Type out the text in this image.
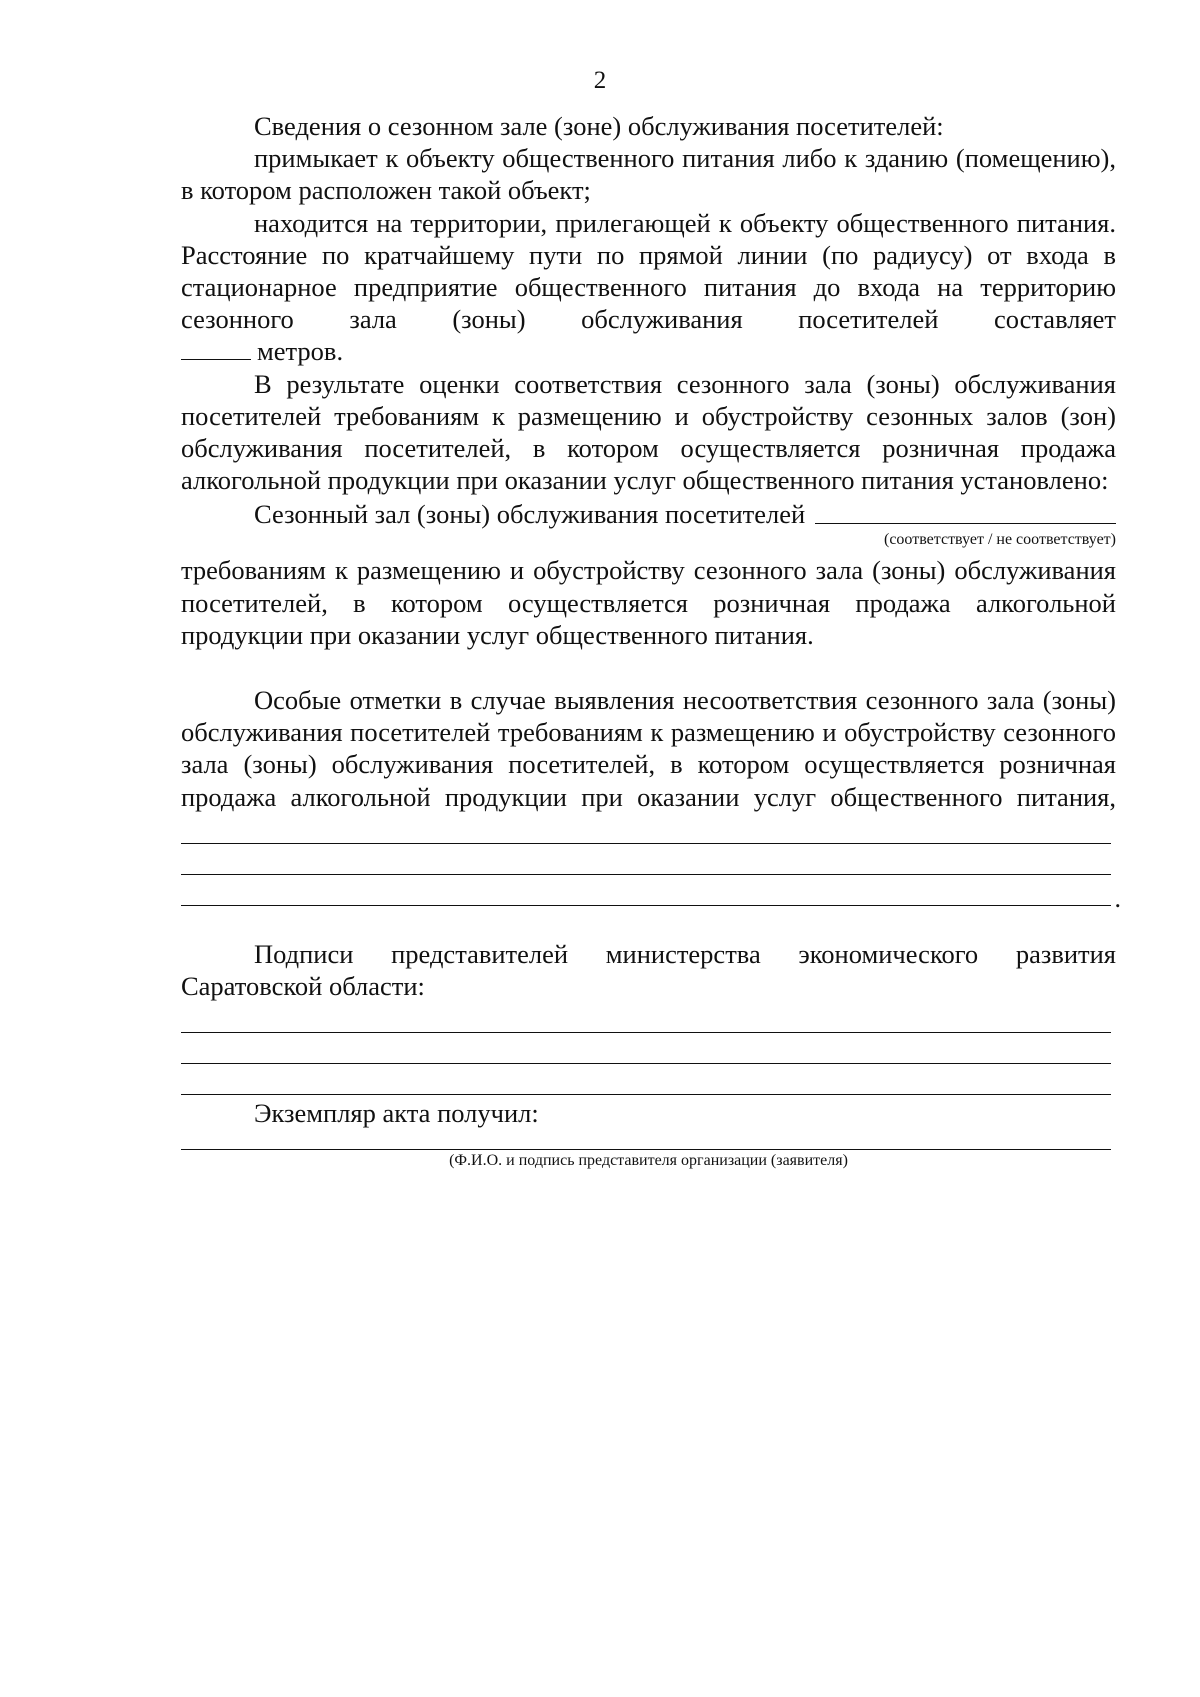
2

Сведения о сезонном зале (зоне) обслуживания посетителей:

примыкает к объекту общественного питания либо к зданию (помещению), в котором расположен такой объект;

находится на территории, прилегающей к объекту общественного питания. Расстояние по кратчайшему пути по прямой линии (по радиусу) от входа в стационарное предприятие общественного питания до входа на территорию сезонного зала (зоны) обслуживания посетителей составляет

метров.

В результате оценки соответствия сезонного зала (зоны) обслуживания посетителей требованиям к размещению и обустройству сезонных залов (зон) обслуживания посетителей, в котором осуществляется розничная продажа алкогольной продукции при оказании услуг общественного питания установлено:

Сезонный зал (зоны) обслуживания посетителей
(соответствует / не соответствует)

требованиям к размещению и обустройству сезонного зала (зоны) обслуживания посетителей, в котором осуществляется розничная продажа алкогольной продукции при оказании услуг общественного питания.

Особые отметки в случае выявления несоответствия сезонного зала (зоны) обслуживания посетителей требованиям к размещению и обустройству сезонного зала (зоны) обслуживания посетителей, в котором осуществляется розничная продажа алкогольной продукции при оказании услуг общественного питания,

.

Подписи представителей министерства экономического развития Саратовской области:

Экземпляр акта получил:
(Ф.И.О. и подпись представителя организации (заявителя)
